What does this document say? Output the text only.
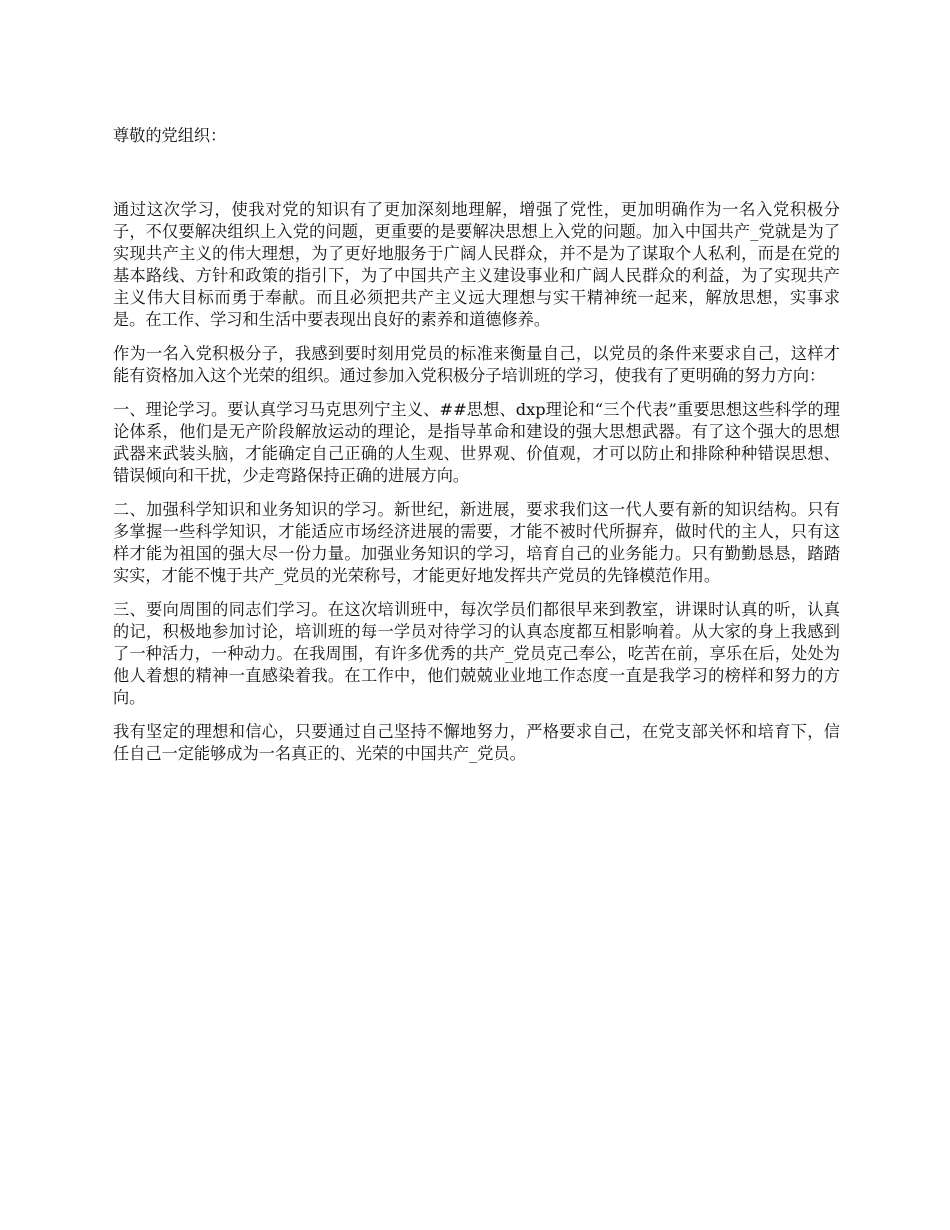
尊敬的党组织：

通过这次学习，使我对党的知识有了更加深刻地理解，增强了党性，更加明确作为一名入党积极分子，不仅要解决组织上入党的问题，更重要的是要解决思想上入党的问题。加入中国共产_党就是为了实现共产主义的伟大理想，为了更好地服务于广阔人民群众，并不是为了谋取个人私利，而是在党的基本路线、方针和政策的指引下，为了中国共产主义建设事业和广阔人民群众的利益，为了实现共产主义伟大目标而勇于奉献。而且必须把共产主义远大理想与实干精神统一起来，解放思想，实事求是。在工作、学习和生活中要表现出良好的素养和道德修养。

作为一名入党积极分子，我感到要时刻用党员的标准来衡量自己，以党员的条件来要求自己，这样才能有资格加入这个光荣的组织。通过参加入党积极分子培训班的学习，使我有了更明确的努力方向：

一、理论学习。要认真学习马克思列宁主义、##思想、dxp理论和“三个代表”重要思想这些科学的理论体系，他们是无产阶段解放运动的理论，是指导革命和建设的强大思想武器。有了这个强大的思想武器来武装头脑，才能确定自己正确的人生观、世界观、价值观，才可以防止和排除种种错误思想、错误倾向和干扰，少走弯路保持正确的进展方向。

二、加强科学知识和业务知识的学习。新世纪，新进展，要求我们这一代人要有新的知识结构。只有多掌握一些科学知识，才能适应市场经济进展的需要，才能不被时代所摒弃，做时代的主人，只有这样才能为祖国的强大尽一份力量。加强业务知识的学习，培育自己的业务能力。只有勤勤恳恳，踏踏实实，才能不愧于共产_党员的光荣称号，才能更好地发挥共产党员的先锋模范作用。

三、要向周围的同志们学习。在这次培训班中，每次学员们都很早来到教室，讲课时认真的听，认真的记，积极地参加讨论，培训班的每一学员对待学习的认真态度都互相影响着。从大家的身上我感到了一种活力，一种动力。在我周围，有许多优秀的共产_党员克己奉公，吃苦在前，享乐在后，处处为他人着想的精神一直感染着我。在工作中，他们兢兢业业地工作态度一直是我学习的榜样和努力的方向。

我有坚定的理想和信心，只要通过自己坚持不懈地努力，严格要求自己，在党支部关怀和培育下，信任自己一定能够成为一名真正的、光荣的中国共产_党员。
